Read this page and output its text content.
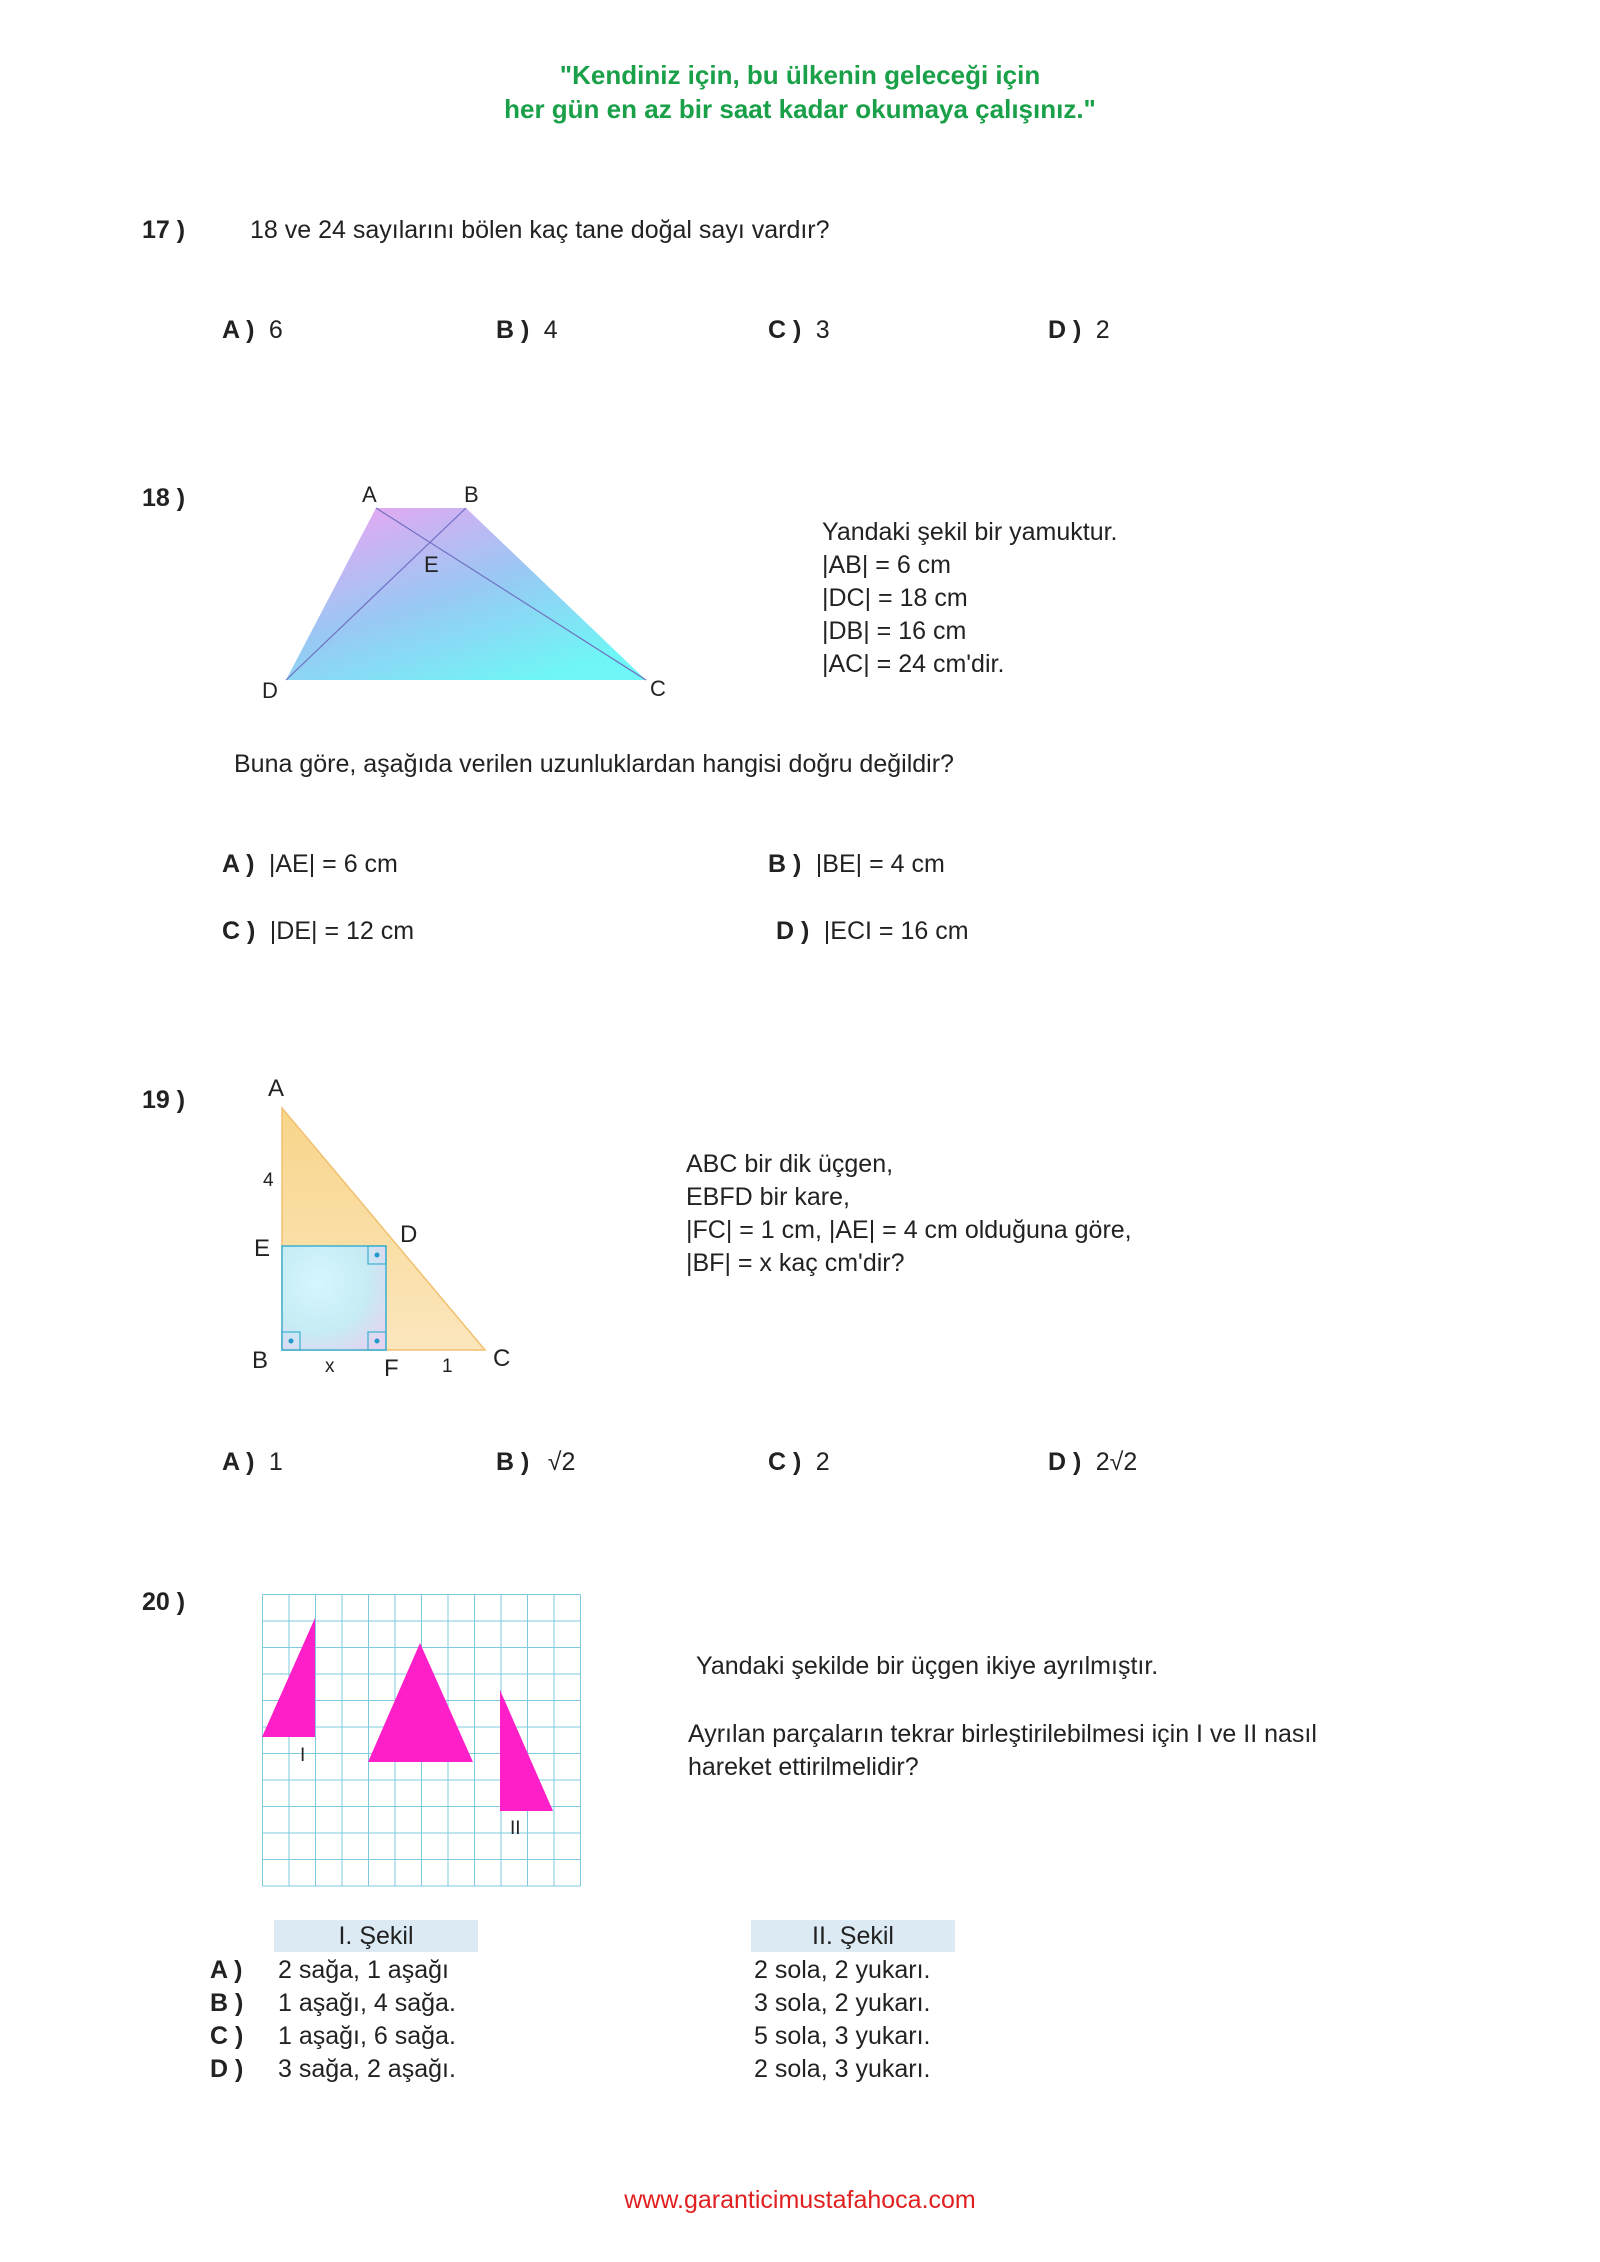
"Kendiniz için, bu ülkenin geleceği için
her gün en az bir saat kadar okumaya çalışınız."
17 )	18 ve 24 sayılarını bölen kaç tane doğal sayı vardır?
A ) 6	B ) 4	C ) 3	D ) 2
18 )	A	B
E
D	C
Yandaki şekil bir yamuktur.
|AB| = 6 cm
|DC| = 18 cm
|DB| = 16 cm
|AC| = 24 cm'dir.
Buna göre, aşağıda verilen uzunluklardan hangisi doğru değildir?
A ) |AE| = 6 cm	B ) |BE| = 4 cm
C ) |DE| = 12 cm	D ) |ECI = 16 cm
19 )	A
4
E
D
B	x F 1 C
ABC bir dik üçgen,
EBFD bir kare,
|FC| = 1 cm, |AE| = 4 cm olduğuna göre,
|BF| = x kaç cm'dir?
A ) 1	B ) √2	C ) 2	D ) 2√2
20 )
I
II
Yandaki şekilde bir üçgen ikiye ayrılmıştır.
Ayrılan parçaların tekrar birleştirilebilmesi için I ve II nasıl
hareket ettirilmelidir?
I. Şekil	II. Şekil
A )	2 sağa, 1 aşağı	2 sola, 2 yukarı.
B )	1 aşağı, 4 sağa.	3 sola, 2 yukarı.
C )	1 aşağı, 6 sağa.	5 sola, 3 yukarı.
D )	3 sağa, 2 aşağı.	2 sola, 3 yukarı.
www.garanticimustafahoca.com
